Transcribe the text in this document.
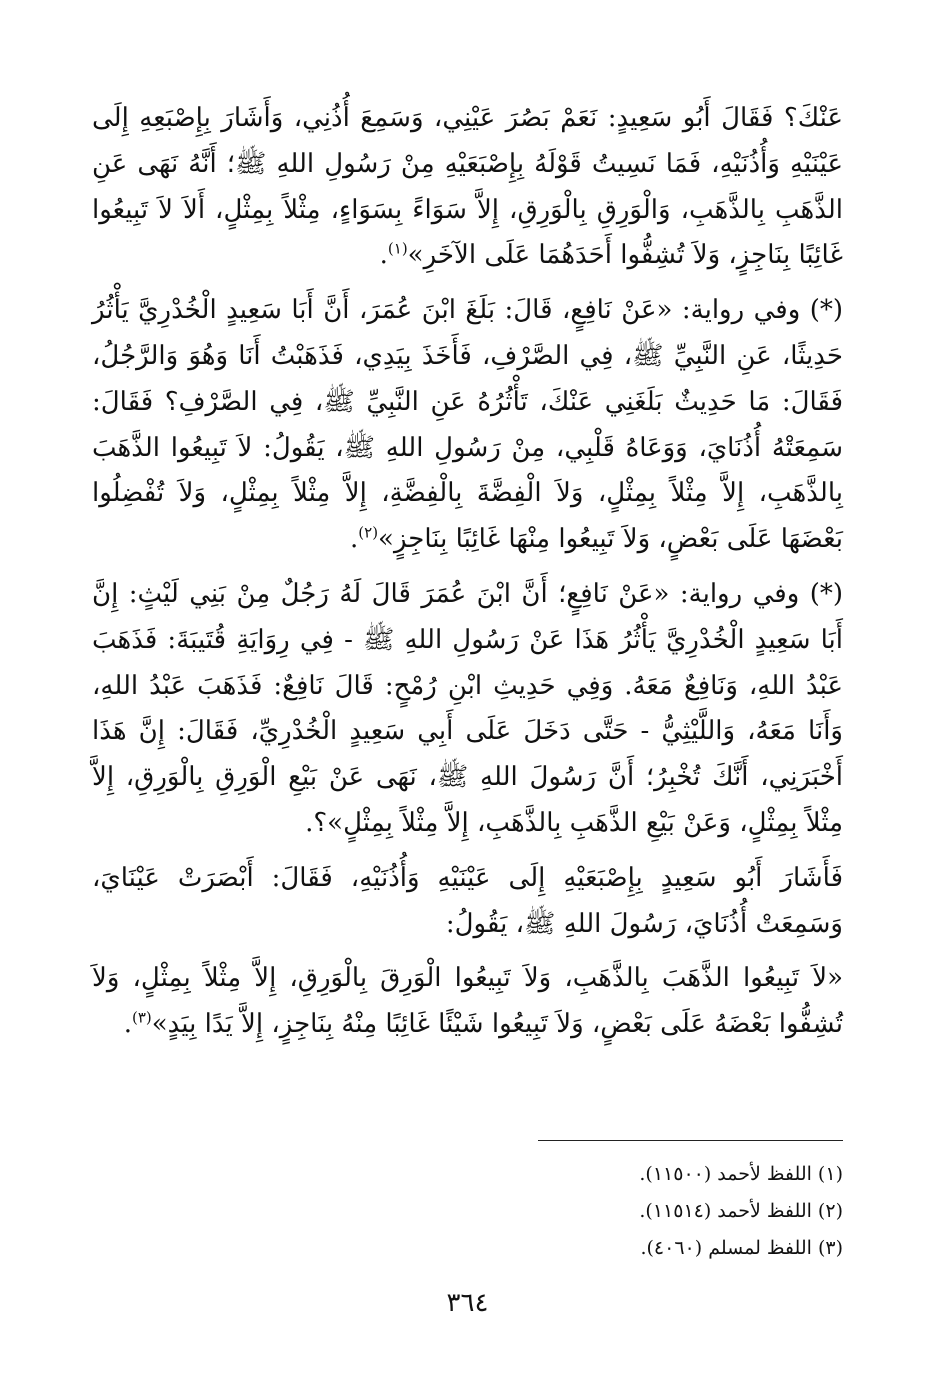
عَنْكَ؟ فَقَالَ أَبُو سَعِيدٍ: نَعَمْ بَصُرَ عَيْنِي، وَسَمِعَ أُذُنِي، وَأَشَارَ بِإِصْبَعِهِ إِلَى عَيْنَيْهِ وَأُذُنَيْهِ، فَمَا نَسِيتُ قَوْلَهُ بِإِصْبَعَيْهِ مِنْ رَسُولِ اللهِ ﷺ؛ أَنَّهُ نَهَى عَنِ الذَّهَبِ بِالذَّهَبِ، وَالْوَرِقِ بِالْوَرِقِ، إِلاَّ سَوَاءً بِسَوَاءٍ، مِثْلاً بِمِثْلٍ، أَلاَ لاَ تَبِيعُوا غَائِبًا بِنَاجِزٍ، وَلاَ تُشِفُّوا أَحَدَهُمَا عَلَى الآخَرِ»$^{(١)}$.

(*) وفي رواية: «عَنْ نَافِعٍ، قَالَ: بَلَغَ ابْنَ عُمَرَ، أَنَّ أَبَا سَعِيدٍ الْخُدْرِيَّ يَأْثُرُ حَدِيثًا، عَنِ النَّبِيِّ ﷺ، فِي الصَّرْفِ، فَأَخَذَ بِيَدِي، فَذَهَبْتُ أَنَا وَهُوَ وَالرَّجُلُ، فَقَالَ: مَا حَدِيثٌ بَلَغَنِي عَنْكَ، تَأْثُرُهُ عَنِ النَّبِيِّ ﷺ، فِي الصَّرْفِ؟ فَقَالَ: سَمِعَتْهُ أُذُنَايَ، وَوَعَاهُ قَلْبِي، مِنْ رَسُولِ اللهِ ﷺ، يَقُولُ: لاَ تَبِيعُوا الذَّهَبَ بِالذَّهَبِ، إِلاَّ مِثْلاً بِمِثْلٍ، وَلاَ الْفِضَّةَ بِالْفِضَّةِ، إِلاَّ مِثْلاً بِمِثْلٍ، وَلاَ تُفْضِلُوا بَعْضَهَا عَلَى بَعْضٍ، وَلاَ تَبِيعُوا مِنْهَا غَائِبًا بِنَاجِزٍ»$^{(٢)}$.

(*) وفي رواية: «عَنْ نَافِعٍ؛ أَنَّ ابْنَ عُمَرَ قَالَ لَهُ رَجُلٌ مِنْ بَنِي لَيْثٍ: إِنَّ أَبَا سَعِيدٍ الْخُدْرِيَّ يَأْثُرُ هَذَا عَنْ رَسُولِ اللهِ ﷺ - فِي رِوَايَةِ قُتَيبَةَ: فَذَهَبَ عَبْدُ اللهِ، وَنَافِعٌ مَعَهُ. وَفِي حَدِيثِ ابْنِ رُمْحٍ: قَالَ نَافِعٌ: فَذَهَبَ عَبْدُ اللهِ، وَأَنَا مَعَهُ، وَاللَّيْثِيُّ - حَتَّى دَخَلَ عَلَى أَبِي سَعِيدٍ الْخُدْرِيِّ، فَقَالَ: إِنَّ هَذَا أَخْبَرَنِي، أَنَّكَ تُخْبِرُ؛ أَنَّ رَسُولَ اللهِ ﷺ، نَهَى عَنْ بَيْعِ الْوَرِقِ بِالْوَرِقِ، إِلاَّ مِثْلاً بِمِثْلٍ، وَعَنْ بَيْعِ الذَّهَبِ بِالذَّهَبِ، إِلاَّ مِثْلاً بِمِثْلٍ»؟.

فَأَشَارَ أَبُو سَعِيدٍ بِإِصْبَعَيْهِ إِلَى عَيْنَيْهِ وَأُذُنَيْهِ، فَقَالَ: أَبْصَرَتْ عَيْنَايَ، وَسَمِعَتْ أُذُنَايَ، رَسُولَ اللهِ ﷺ، يَقُولُ:

«لاَ تَبِيعُوا الذَّهَبَ بِالذَّهَبِ، وَلاَ تَبِيعُوا الْوَرِقَ بِالْوَرِقِ، إِلاَّ مِثْلاً بِمِثْلٍ، وَلاَ تُشِفُّوا بَعْضَهُ عَلَى بَعْضٍ، وَلاَ تَبِيعُوا شَيْئًا غَائِبًا مِنْهُ بِنَاجِزٍ، إِلاَّ يَدًا بِيَدٍ»$^{(٣)}$.

(١) اللفظ لأحمد (١١٥٠٠).

(٢) اللفظ لأحمد (١١٥١٤).

(٣) اللفظ لمسلم (٤٠٦٠).

٣٦٤
